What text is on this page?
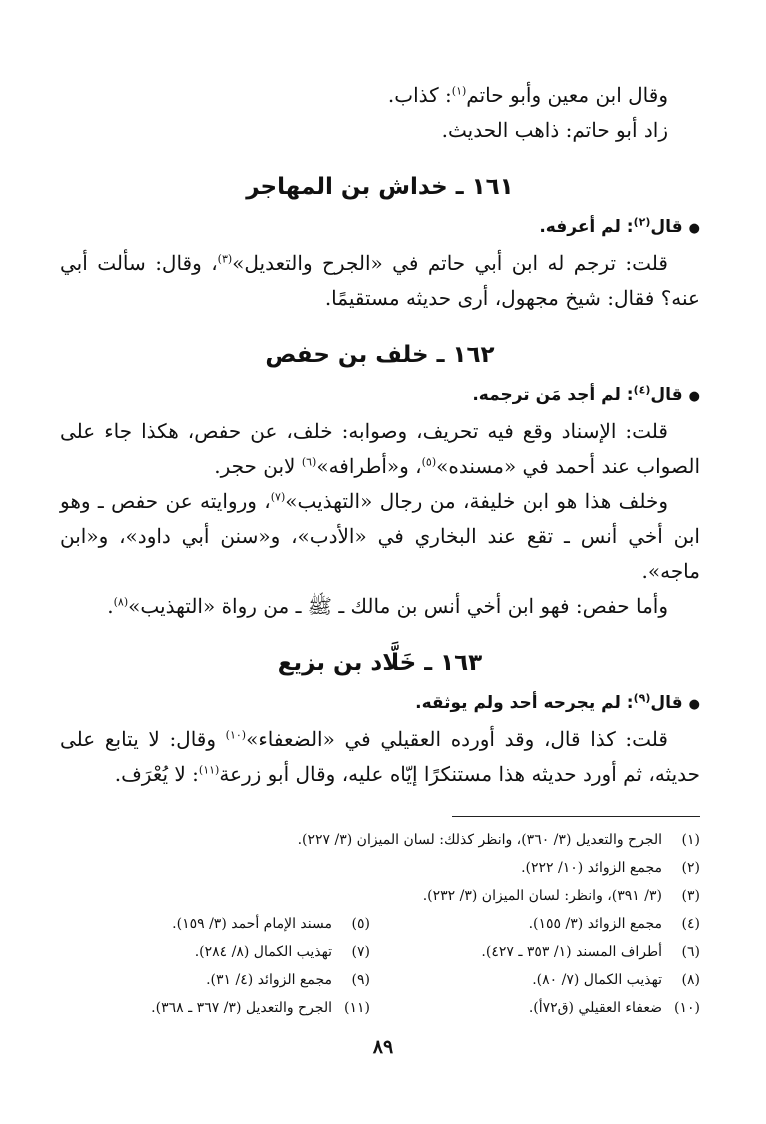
وقال ابن معين وأبو حاتم$^{(١)}$: كذاب.

زاد أبو حاتم: ذاهب الحديث.

١٦١ ـ خداش بن المهاجر

●قال$^{(٢)}$: لم أعرفه.

قلت: ترجم له ابن أبي حاتم في «الجرح والتعديل»$^{(٣)}$، وقال: سألت أبي عنه؟ فقال: شيخ مجهول، أرى حديثه مستقيمًا.

١٦٢ ـ خلف بن حفص

●قال$^{(٤)}$: لم أجد مَن ترجمه.

قلت: الإسناد وقع فيه تحريف، وصوابه: خلف، عن حفص، هكذا جاء على الصواب عند أحمد في «مسنده»$^{(٥)}$، و«أطرافه»$^{(٦)}$ لابن حجر.

وخلف هذا هو ابن خليفة، من رجال «التهذيب»$^{(٧)}$، وروايته عن حفص ـ وهو ابن أخي أنس ـ تقع عند البخاري في «الأدب»، و«سنن أبي داود»، و«ابن ماجه».

وأما حفص: فهو ابن أخي أنس بن مالك ـ ﷺ ـ من رواة «التهذيب»$^{(٨)}$.

١٦٣ ـ خَلَّاد بن بزيع

●قال$^{(٩)}$: لم يجرحه أحد ولم يوثقه.

قلت: كذا قال، وقد أورده العقيلي في «الضعفاء»$^{(١٠)}$ وقال: لا يتابع على حديثه، ثم أورد حديثه هذا مستنكرًا إيّاه عليه، وقال أبو زرعة$^{(١١)}$: لا يُعْرَف.

(١)الجرح والتعديل (٣/ ٣٦٠)، وانظر كذلك: لسان الميزان (٣/ ٢٢٧).
(٢)مجمع الزوائد (١٠/ ٢٢٢).
(٣)(٣/ ٣٩١)، وانظر: لسان الميزان (٣/ ٢٣٢).
(٤)مجمع الزوائد (٣/ ١٥٥).
(٥)مسند الإمام أحمد (٣/ ١٥٩).
(٦)أطراف المسند (١/ ٣٥٣ ـ ٤٢٧).
(٧)تهذيب الكمال (٨/ ٢٨٤).
(٨)تهذيب الكمال (٧/ ٨٠).
(٩)مجمع الزوائد (٤/ ٣١).
(١٠)ضعفاء العقيلي (ق٧٢أ).
(١١)الجرح والتعديل (٣/ ٣٦٧ ـ ٣٦٨).
٨٩
